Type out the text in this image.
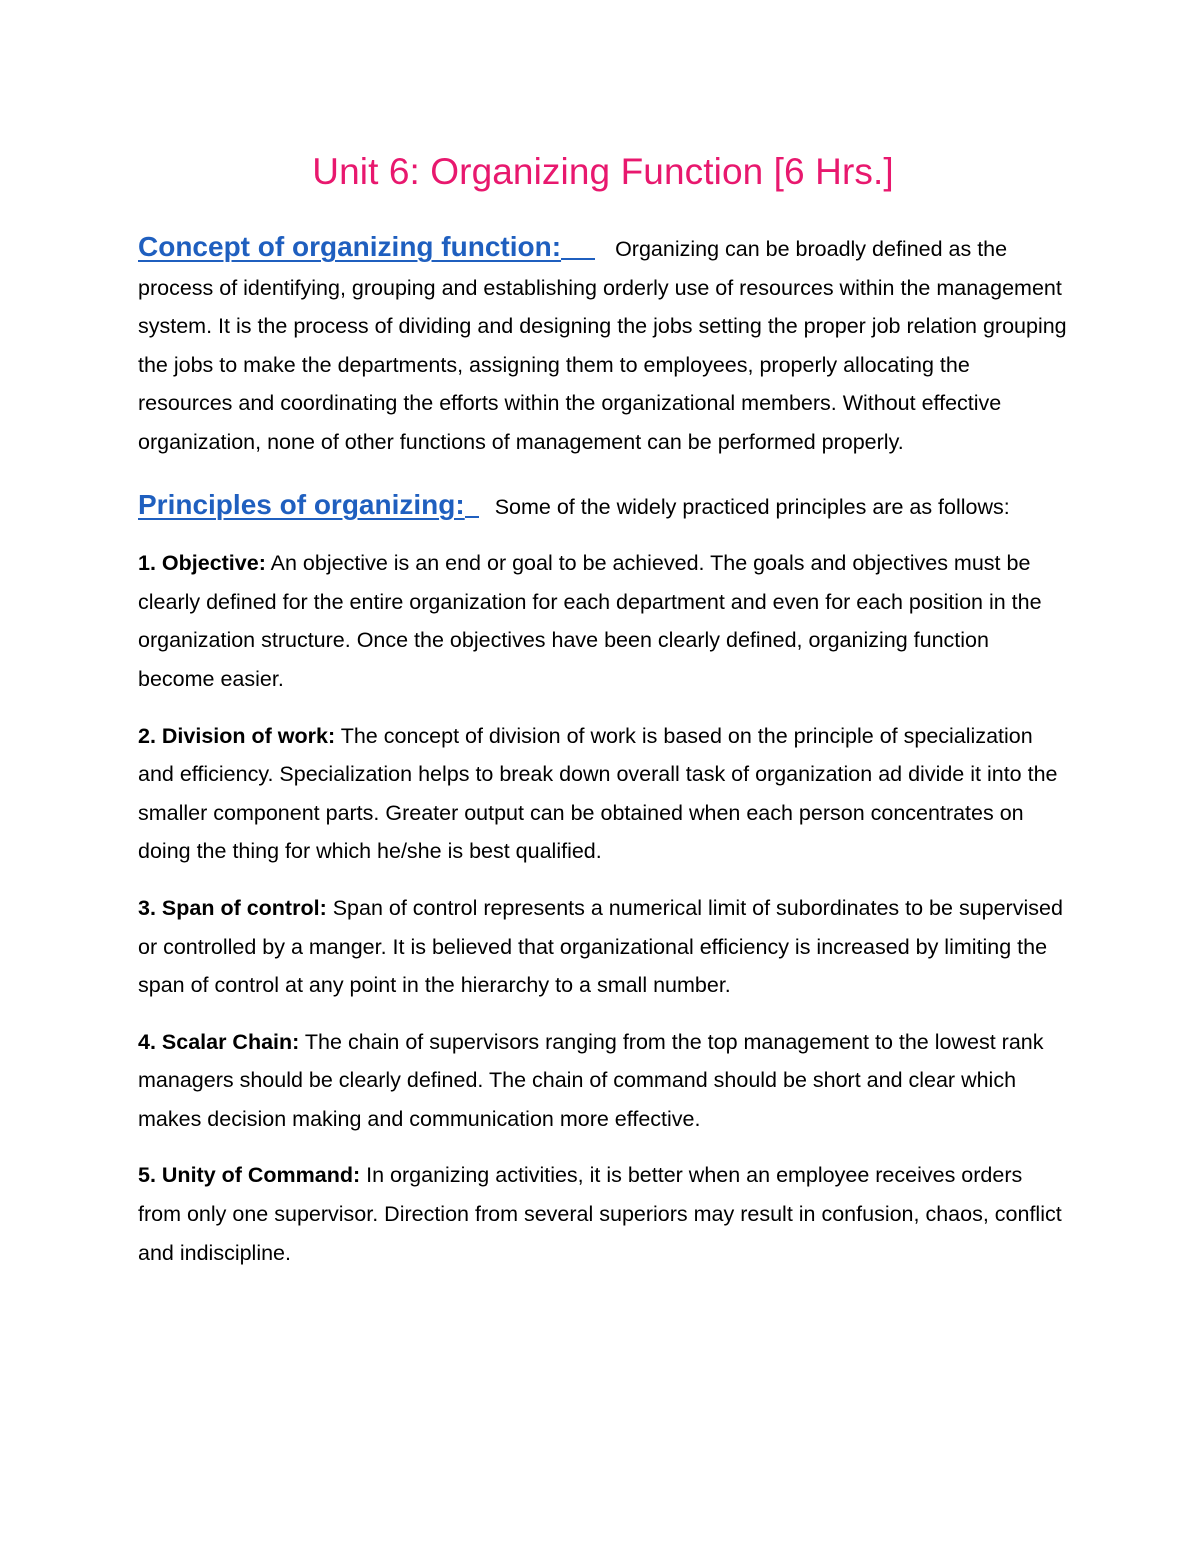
Unit 6: Organizing Function [6 Hrs.]

Concept of organizing function:	Organizing can be broadly defined as the process of identifying, grouping and establishing orderly use of resources within the management system. It is the process of dividing and designing the jobs setting the proper job relation grouping the jobs to make the departments, assigning them to employees, properly allocating the resources and coordinating the efforts within the organizational members. Without effective organization, none of other functions of management can be performed properly.

Principles of organizing: Some of the widely practiced principles are as follows:

1. Objective: An objective is an end or goal to be achieved. The goals and objectives must be clearly defined for the entire organization for each department and even for each position in the organization structure. Once the objectives have been clearly defined, organizing function become easier.

2. Division of work: The concept of division of work is based on the principle of specialization and efficiency. Specialization helps to break down overall task of organization ad divide it into the smaller component parts. Greater output can be obtained when each person concentrates on doing the thing for which he/she is best qualified.

3. Span of control: Span of control represents a numerical limit of subordinates to be supervised or controlled by a manger. It is believed that organizational efficiency is increased by limiting the span of control at any point in the hierarchy to a small number.

4. Scalar Chain: The chain of supervisors ranging from the top management to the lowest rank managers should be clearly defined. The chain of command should be short and clear which makes decision making and communication more effective.

5. Unity of Command: In organizing activities, it is better when an employee receives orders from only one supervisor. Direction from several superiors may result in confusion, chaos, conflict and indiscipline.
